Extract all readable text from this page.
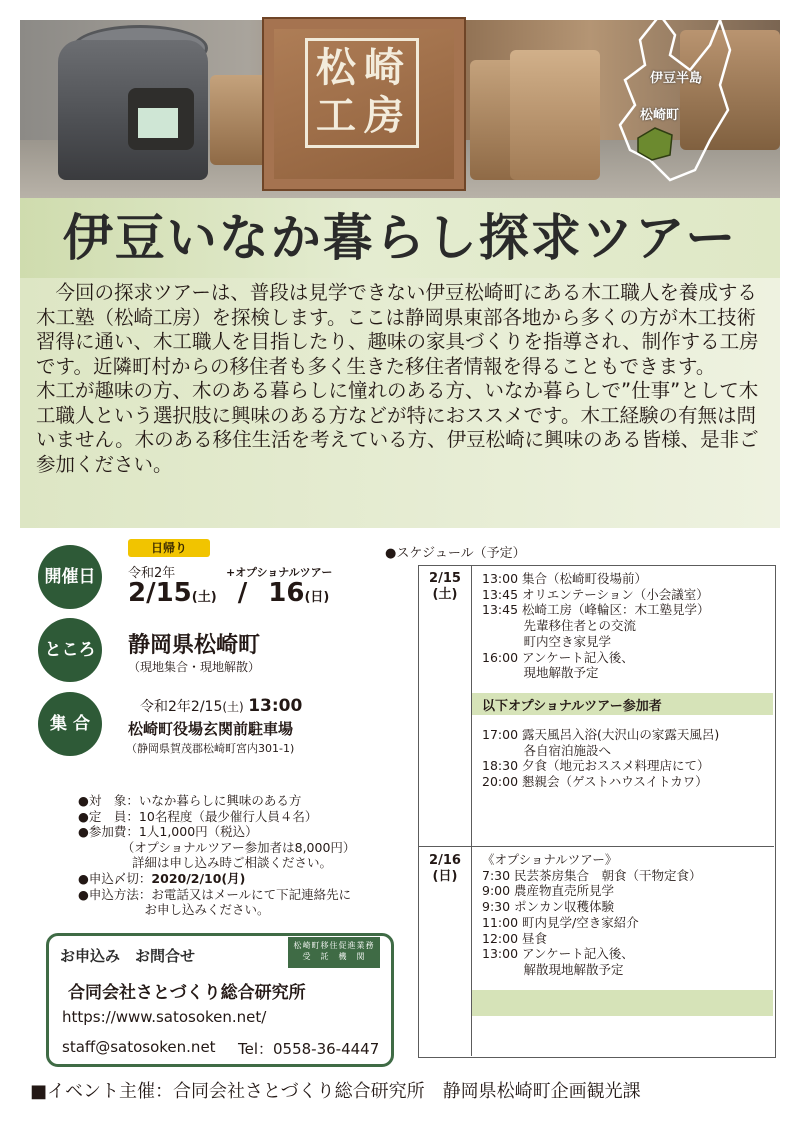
松 崎
工 房
伊豆半島
松崎町
伊豆いなか暮らし探求ツアー
今回の探求ツアーは、普段は見学できない伊豆松崎町にある木工職人を養成する木工塾（松崎工房）を探検します。ここは静岡県東部各地から多くの方が木工技術習得に通い、木工職人を目指したり、趣味の家具づくりを指導され、制作する工房です。近隣町村からの移住者も多く生きた移住者情報を得ることもできます。
木工が趣味の方、木のある暮らしに憧れのある方、いなか暮らしで”仕事”として木工職人という選択肢に興味のある方などが特におススメです。木工経験の有無は問いません。木のある移住生活を考えている方、伊豆松崎に興味のある皆様、是非ご参加ください。
開催日
日帰り
令和2年	+オプショナルツアー
2/15(土) / 16(日)
ところ 静岡県松崎町
（現地集合・現地解散）
集 合
令和2年2/15(土) 13:00
松崎町役場玄関前駐車場
（静岡県賀茂郡松崎町宮内301-1)
●対　象：いなか暮らしに興味のある方
●定　員：10名程度（最少催行人員４名）
●参加費：1人1,000円（税込）
　　　　（オプショナルツアー参加者は8,000円）
　　　　 詳細は申し込み時ご相談ください。
●申込〆切：2020/2/10(月)
●申込方法：お電話又はメールにて下記連絡先に
　　　　　 お申し込みください。
お申込み　お問合せ
松崎町移住促進業務
受　託　機　関
合同会社さとづくり総合研究所
https://www.satosoken.net/
staff@satosoken.net Tel：0558-36-4447
●スケジュール（予定）
以下オプショナルツアー参加者
2/15
(土)
13:00 集合（松崎町役場前）
13:45 オリエンテーション（小会議室）
13:45 松崎工房（峰輪区：木工塾見学）
　　　 先輩移住者との交流
　　　 町内空き家見学
16:00 アンケート記入後、
　　　 現地解散予定
17:00 露天風呂入浴(大沢山の家露天風呂)
　　　 各自宿泊施設へ
18:30 夕食（地元おススメ料理店にて）
20:00 懇親会（ゲストハウスイトカワ）
2/16
(日)
《オプショナルツアー》
7:30 民芸茶房集合　朝食（干物定食）
9:00 農産物直売所見学
9:30 ポンカン収穫体験
11:00 町内見学/空き家紹介
12:00 昼食
13:00 アンケート記入後、
　　　 解散現地解散予定
■イベント主催：合同会社さとづくり総合研究所　静岡県松崎町企画観光課
